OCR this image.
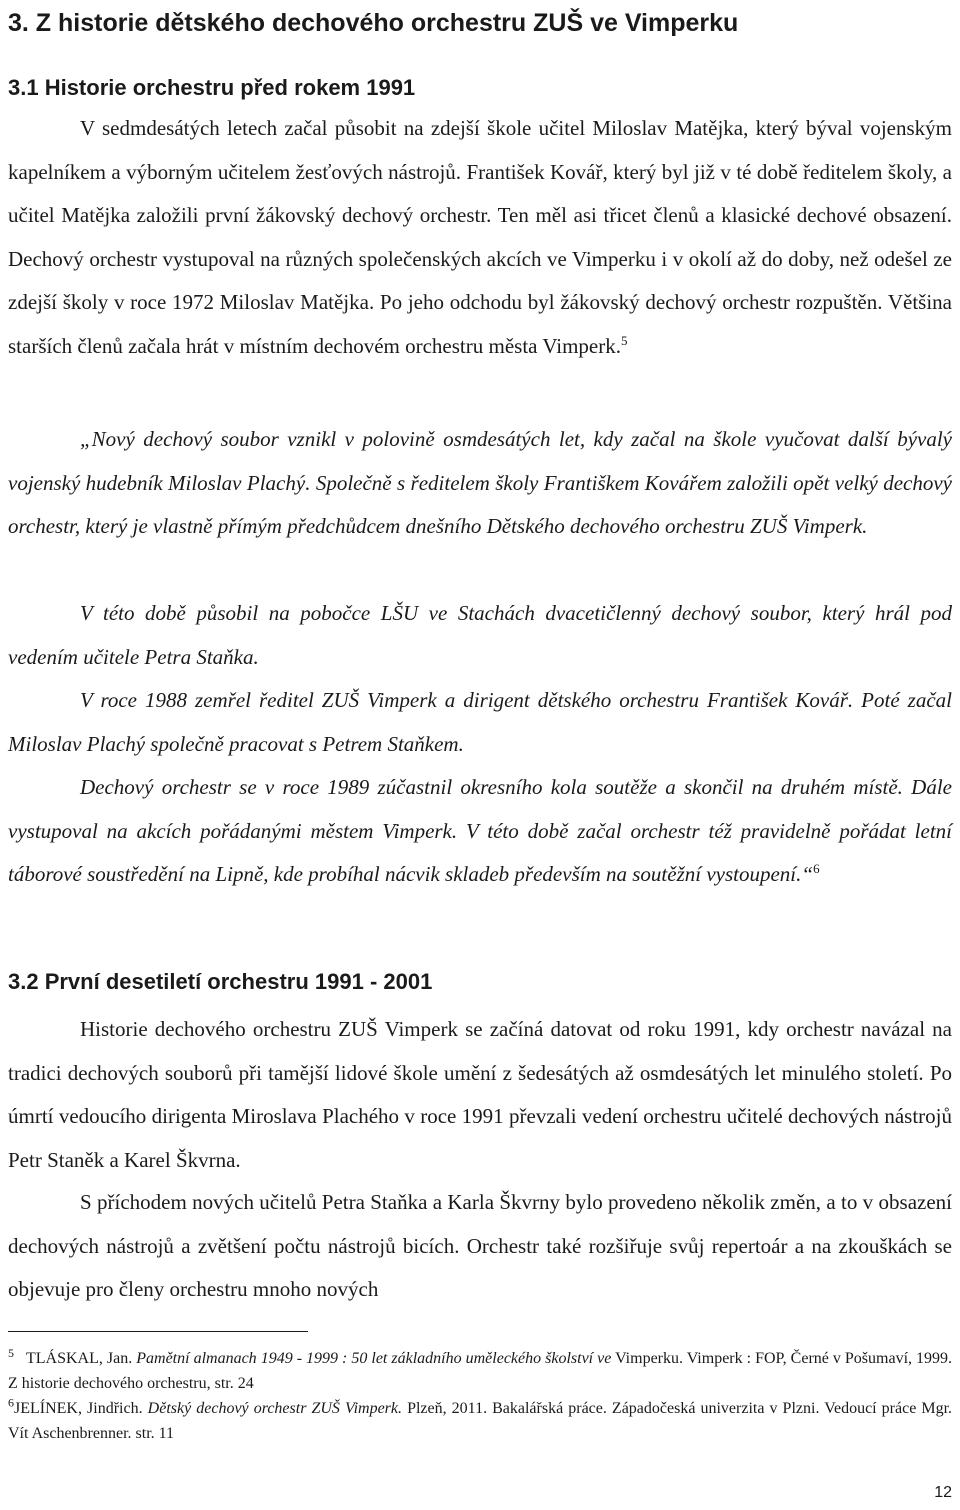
3. Z historie dětského dechového orchestru ZUŠ ve Vimperku
3.1 Historie orchestru před rokem 1991

V sedmdesátých letech začal působit na zdejší škole učitel Miloslav Matějka, který býval vojenským kapelníkem a výborným učitelem žesťových nástrojů. František Kovář, který byl již v té době ředitelem školy, a učitel Matějka založili první žákovský dechový orchestr. Ten měl asi třicet členů a klasické dechové obsazení. Dechový orchestr vystupoval na různých společenských akcích ve Vimperku i v okolí až do doby, než odešel ze zdejší školy v roce 1972 Miloslav Matějka. Po jeho odchodu byl žákovský dechový orchestr rozpuštěn. Většina starších členů začala hrát v místním dechovém orchestru města Vimperk.$^5$

„Nový dechový soubor vznikl v polovině osmdesátých let, kdy začal na škole vyučovat další bývalý vojenský hudebník Miloslav Plachý. Společně s ředitelem školy Františkem Kovářem založili opět velký dechový orchestr, který je vlastně přímým předchůdcem dnešního Dětského dechového orchestru ZUŠ Vimperk.

V této době působil na pobočce LŠU ve Stachách dvacetičlenný dechový soubor, který hrál pod vedením učitele Petra Staňka.

V roce 1988 zemřel ředitel ZUŠ Vimperk a dirigent dětského orchestru František Kovář. Poté začal Miloslav Plachý společně pracovat s Petrem Staňkem.

Dechový orchestr se v roce 1989 zúčastnil okresního kola soutěže a skončil na druhém místě. Dále vystupoval na akcích pořádanými městem Vimperk. V této době začal orchestr též pravidelně pořádat letní táborové soustředění na Lipně, kde probíhal nácvik skladeb především na soutěžní vystoupení.“$^6$

3.2 První desetiletí orchestru 1991 - 2001

Historie dechového orchestru ZUŠ Vimperk se začíná datovat od roku 1991, kdy orchestr navázal na tradici dechových souborů při tamější lidové škole umění z šedesátých až osmdesátých let minulého století. Po úmrtí vedoucího dirigenta Miroslava Plachého v roce 1991 převzali vedení orchestru učitelé dechových nástrojů Petr Staněk a Karel Škvrna.

S příchodem nových učitelů Petra Staňka a Karla Škvrny bylo provedeno několik změn, a to v obsazení dechových nástrojů a zvětšení počtu nástrojů bicích. Orchestr také rozšiřuje svůj repertoár a na zkouškách se objevuje pro členy orchestru mnoho nových

$^5$ TLÁSKAL, Jan. Pamětní almanach 1949 - 1999 : 50 let základního uměleckého školství ve Vimperku. Vimperk : FOP, Černé v Pošumaví, 1999. Z historie dechového orchestru, str. 24

$^6$JELÍNEK, Jindřich. Dětský dechový orchestr ZUŠ Vimperk. Plzeň, 2011. Bakalářská práce. Západočeská univerzita v Plzni. Vedoucí práce Mgr. Vít Aschenbrenner. str. 11

12
